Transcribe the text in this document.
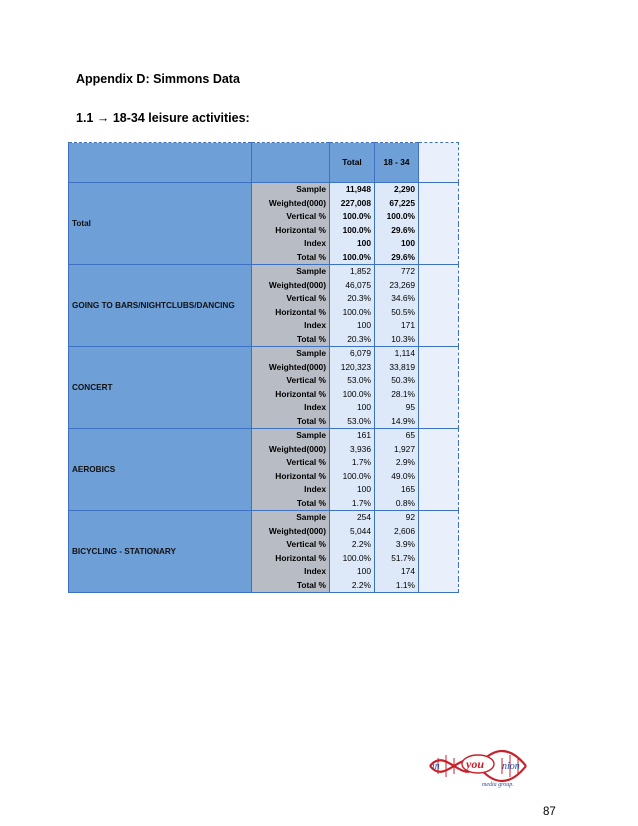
Appendix D: Simmons Data
1.1 → 18-34 leisure activities:
		Total	18 - 34	
Total	Sample	11,948	2,290	
	Weighted(000)	227,008	67,225	
	Vertical %	100.0%	100.0%	
	Horizontal %	100.0%	29.6%	
	Index	100	100	
	Total %	100.0%	29.6%	
GOING TO BARS/NIGHTCLUBS/DANCING	Sample	1,852	772	
	Weighted(000)	46,075	23,269	
	Vertical %	20.3%	34.6%	
	Horizontal %	100.0%	50.5%	
	Index	100	171	
	Total %	20.3%	10.3%	
CONCERT	Sample	6,079	1,114	
	Weighted(000)	120,323	33,819	
	Vertical %	53.0%	50.3%	
	Horizontal %	100.0%	28.1%	
	Index	100	95	
	Total %	53.0%	14.9%	
AEROBICS	Sample	161	65	
	Weighted(000)	3,936	1,927	
	Vertical %	1.7%	2.9%	
	Horizontal %	100.0%	49.0%	
	Index	100	165	
	Total %	1.7%	0.8%	
BICYCLING - STATIONARY	Sample	254	92	
	Weighted(000)	5,044	2,606	
	Vertical %	2.2%	3.9%	
	Horizontal %	100.0%	51.7%	
	Index	100	174	
	Total %	2.2%	1.1%	
in you nion
media group.
87
